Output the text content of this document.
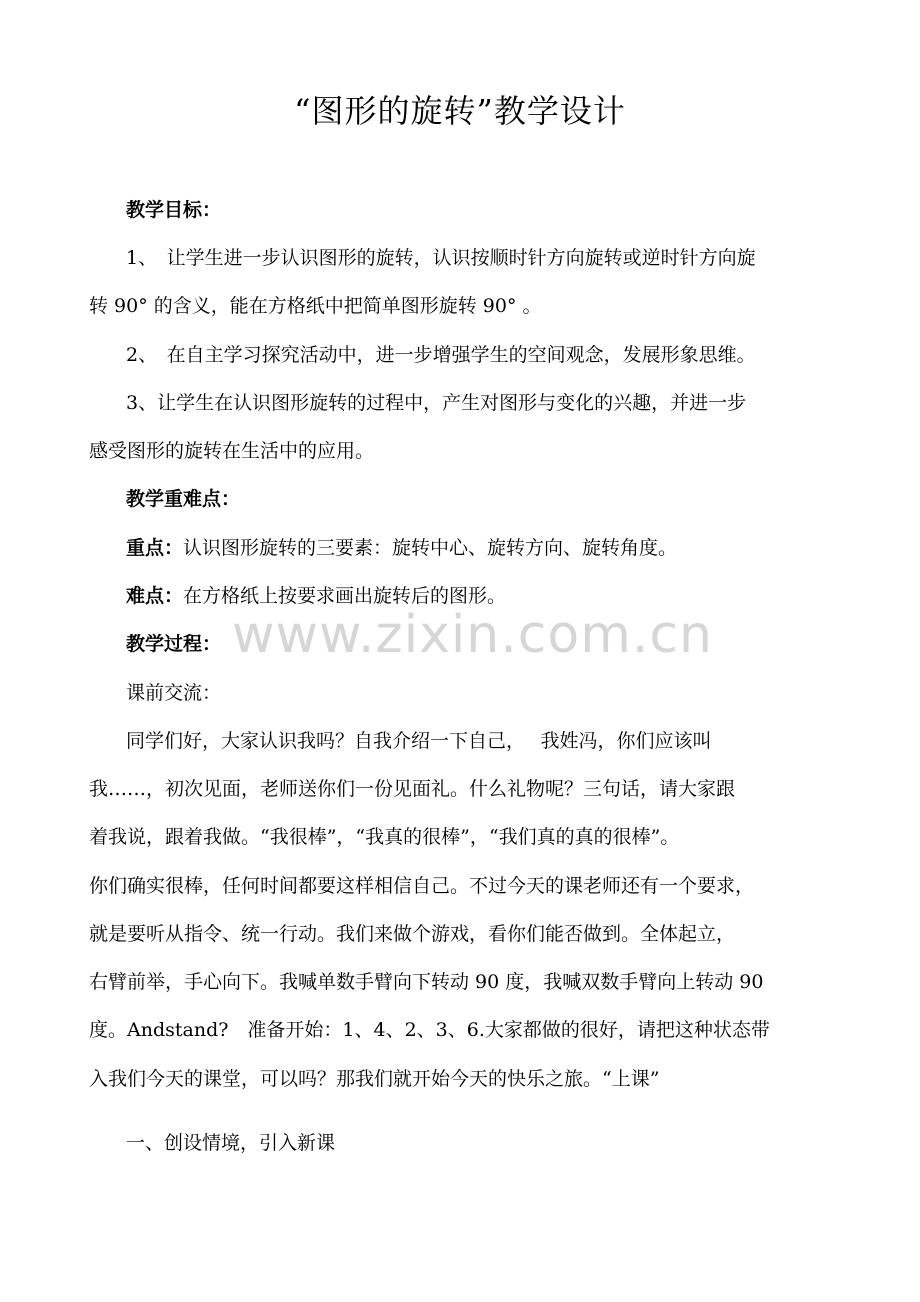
“图形的旋转”教学设计
教学目标：
1、　让学生进一步认识图形的旋转，认识按顺时针方向旋转或逆时针方向旋
转 90° 的含义，能在方格纸中把简单图形旋转 90° 。
2、　在自主学习探究活动中，进一步增强学生的空间观念，发展形象思维。
3、让学生在认识图形旋转的过程中，产生对图形与变化的兴趣，并进一步
感受图形的旋转在生活中的应用。
教学重难点：
重点：认识图形旋转的三要素：旋转中心、旋转方向、旋转角度。
难点：在方格纸上按要求画出旋转后的图形。
教学过程：
课前交流：
同学们好，大家认识我吗？自我介绍一下自己，　 我姓冯，你们应该叫
我……，初次见面，老师送你们一份见面礼。什么礼物呢？三句话，请大家跟
着我说，跟着我做。“我很棒”，“我真的很棒”，“我们真的真的很棒”。
你们确实很棒，任何时间都要这样相信自己。不过今天的课老师还有一个要求，
就是要听从指令、统一行动。我们来做个游戏，看你们能否做到。全体起立，
右臂前举，手心向下。我喊单数手臂向下转动 90 度，我喊双数手臂向上转动 90
度。Andstand?　准备开始：1、4、2、3、6.大家都做的很好，请把这种状态带
入我们今天的课堂，可以吗？那我们就开始今天的快乐之旅。“上课”
一、创设情境，引入新课
www.zixin.com.cn
